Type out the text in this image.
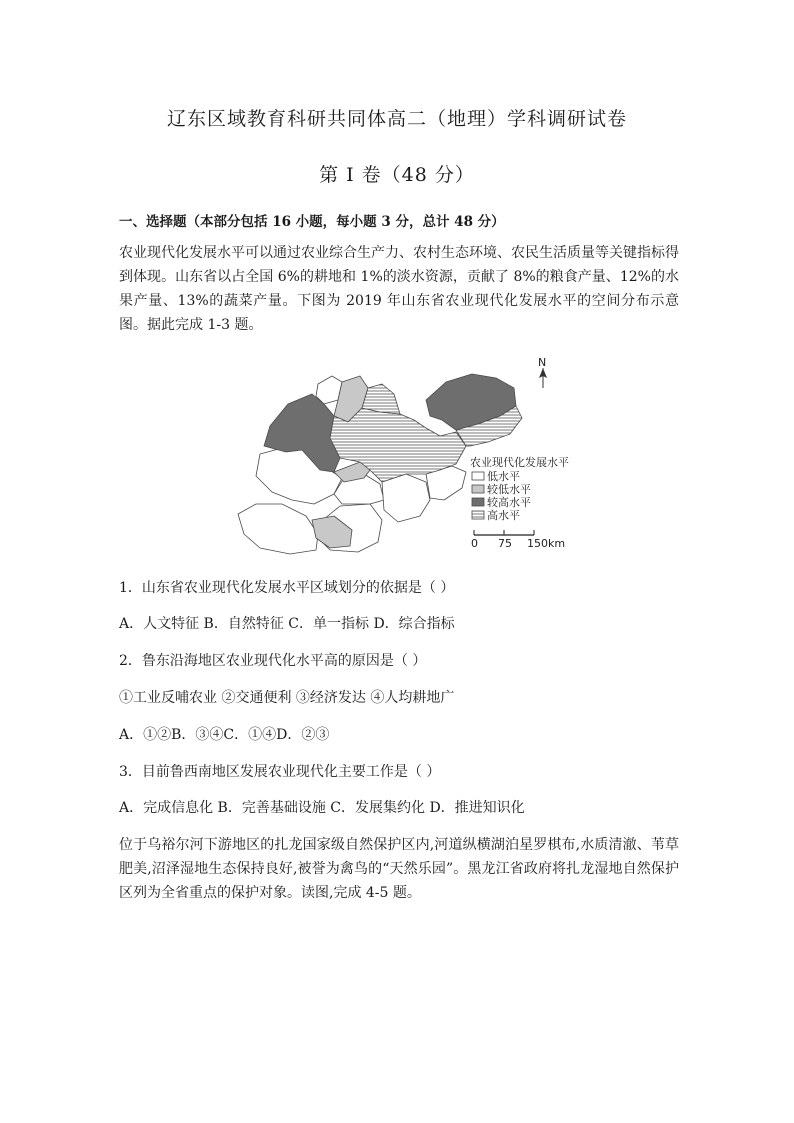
辽东区域教育科研共同体高二（地理）学科调研试卷
第 I 卷（48 分）
一、选择题（本部分包括 16 小题，每小题 3 分，总计 48 分）

农业现代化发展水平可以通过农业综合生产力、农村生态环境、农民生活质量等关键指标得到体现。山东省以占全国 6%的耕地和 1%的淡水资源，贡献了 8%的粮食产量、12%的水果产量、13%的蔬菜产量。下图为 2019 年山东省农业现代化发展水平的空间分布示意图。据此完成 1-3 题。

N
农业现代化发展水平
低水平
较低水平
较高水平
高水平
0 75 150km
1．山东省农业现代化发展水平区域划分的依据是（ ）
A．人文特征 B．自然特征 C．单一指标 D．综合指标
2．鲁东沿海地区农业现代化水平高的原因是（ ）
①工业反哺农业 ②交通便利 ③经济发达 ④人均耕地广
A．①②B．③④C．①④D．②③
3．目前鲁西南地区发展农业现代化主要工作是（ ）
A．完成信息化 B．完善基础设施 C．发展集约化 D．推进知识化

位于乌裕尔河下游地区的扎龙国家级自然保护区内,河道纵横湖泊星罗棋布,水质清澈、苇草肥美,沼泽湿地生态保持良好,被誉为禽鸟的“天然乐园”。黑龙江省政府将扎龙湿地自然保护区列为全省重点的保护对象。读图,完成 4-5 题。
